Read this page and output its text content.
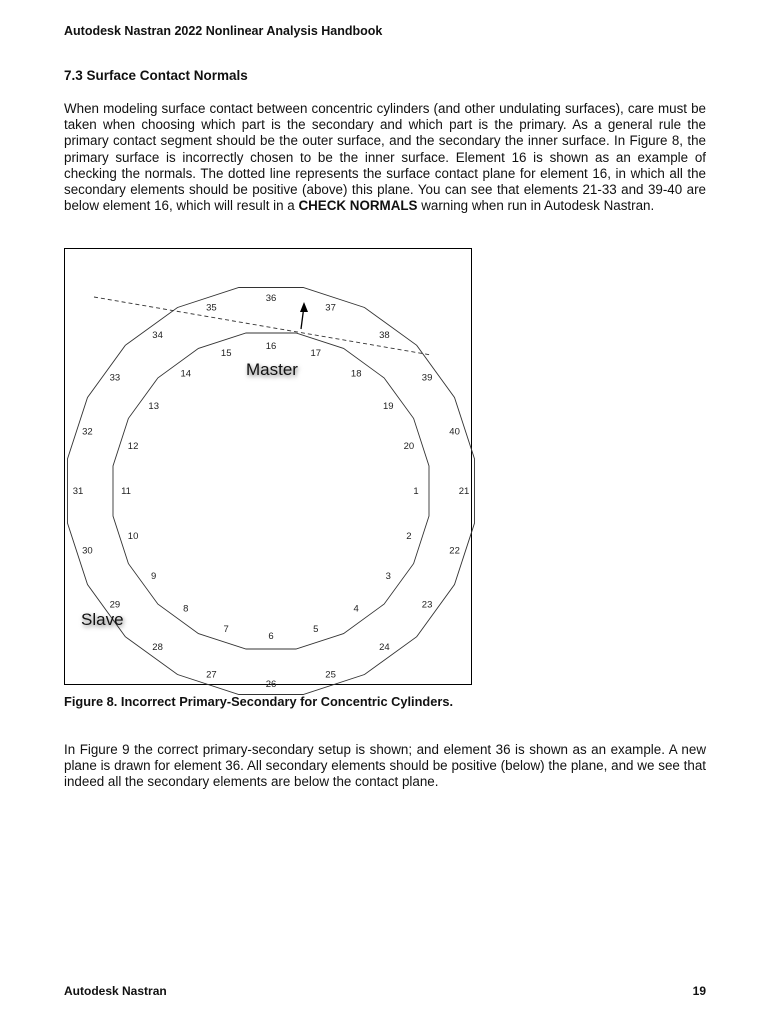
Autodesk Nastran 2022 Nonlinear Analysis Handbook
7.3 Surface Contact Normals

When modeling surface contact between concentric cylinders (and other undulating surfaces), care must be taken when choosing which part is the secondary and which part is the primary. As a general rule the primary contact segment should be the outer surface, and the secondary the inner surface. In Figure 8, the primary surface is incorrectly chosen to be the inner surface. Element 16 is shown as an example of checking the normals. The dotted line represents the surface contact plane for element 16, in which all the secondary elements should be positive (above) this plane. You can see that elements 21-33 and 39-40 are below element 16, which will result in a CHECK NORMALS warning when run in Autodesk Nastran.

1
2
3
4
5
6
7
8
9
10
11
12
13
14
15
16
17
18
19
20
21
22
23
24
25
26
27
28
29
30
31
32
33
34
35
36
37
38
39
40
Master
Slave
Figure 8. Incorrect Primary-Secondary for Concentric Cylinders.

In Figure 9 the correct primary-secondary setup is shown; and element 36 is shown as an example. A new plane is drawn for element 36. All secondary elements should be positive (below) the plane, and we see that indeed all the secondary elements are below the contact plane.

Autodesk Nastran	19
